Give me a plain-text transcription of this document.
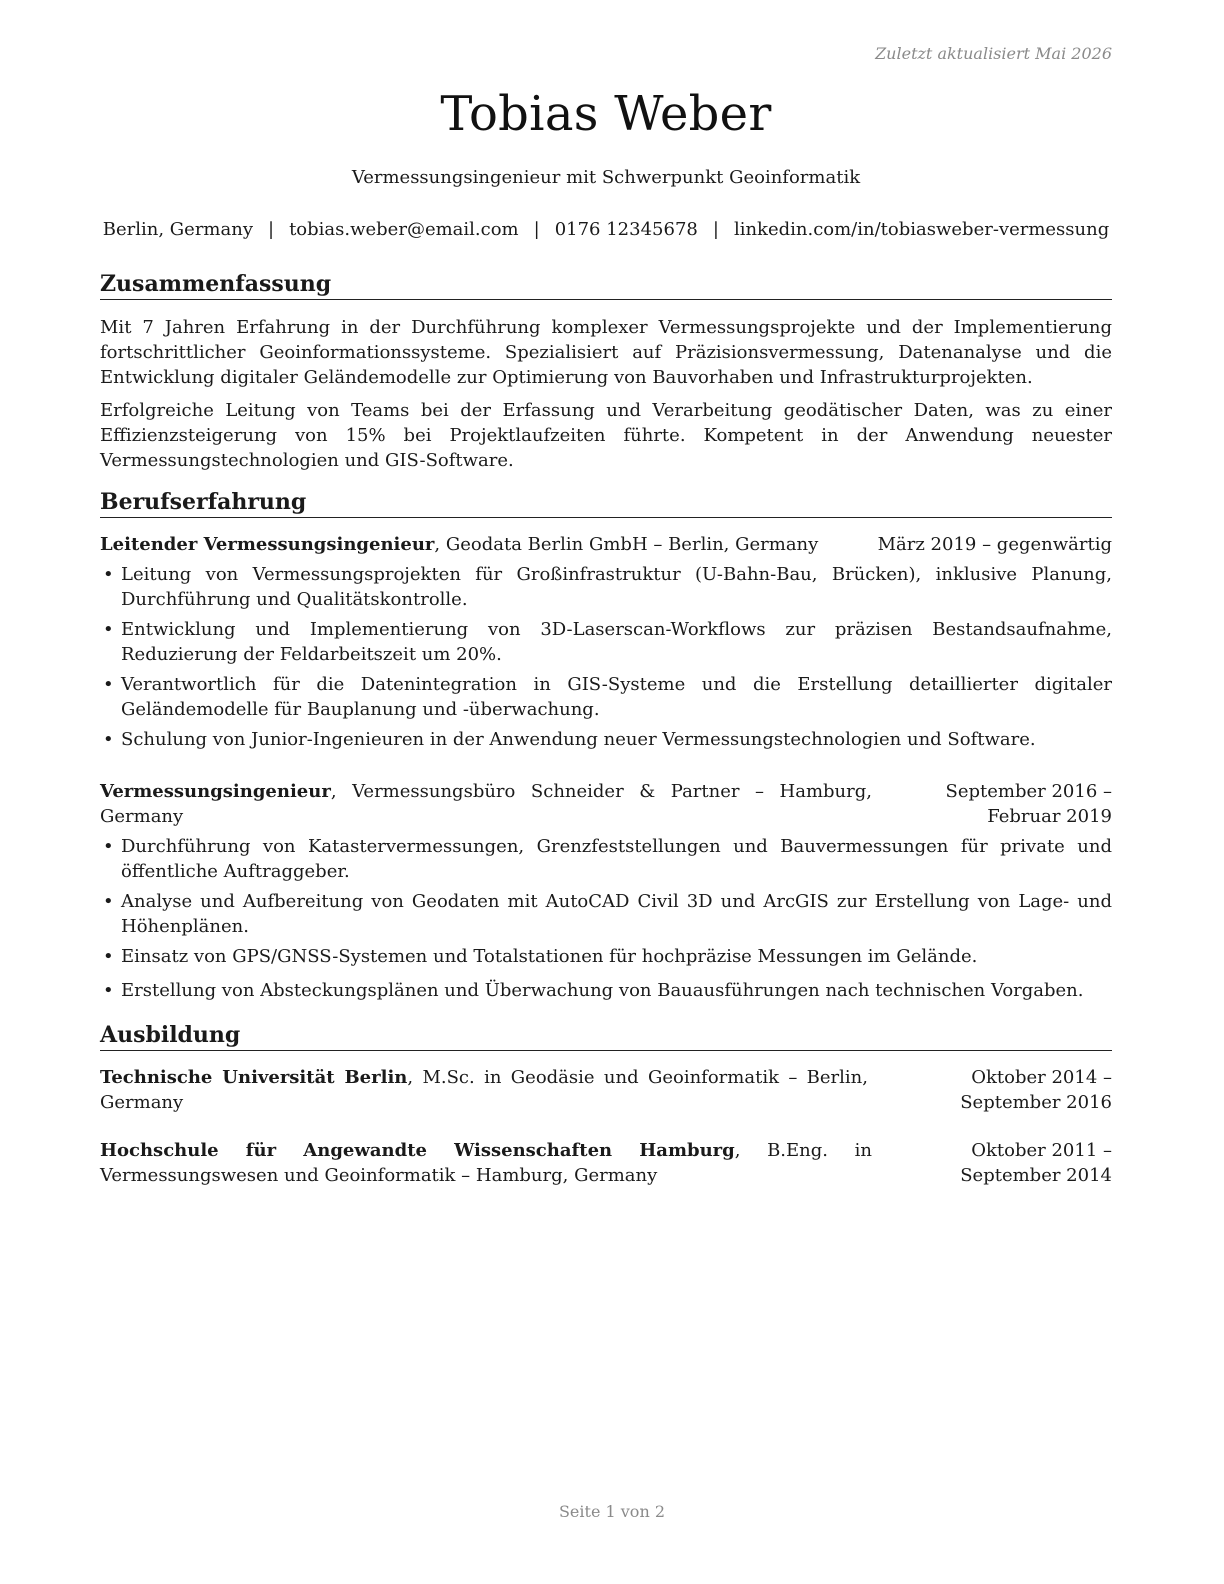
Zuletzt aktualisiert Mai 2026
Tobias Weber
Vermessungsingenieur mit Schwerpunkt Geoinformatik
Berlin, Germany | tobias.weber@email.com | 0176 12345678 | linkedin.com/in/tobiasweber-vermessung
Zusammenfassung

Mit 7 Jahren Erfahrung in der Durchführung komplexer Vermessungsprojekte und der Implementierung fortschrittlicher Geoinformationssysteme. Spezialisiert auf Präzisionsvermessung, Datenanalyse und die Entwicklung digitaler Geländemodelle zur Optimierung von Bauvorhaben und Infrastrukturprojekten.

Erfolgreiche Leitung von Teams bei der Erfassung und Verarbeitung geodätischer Daten, was zu einer Effizienzsteigerung von 15% bei Projektlaufzeiten führte. Kompetent in der Anwendung neuester Vermessungstechnologien und GIS-Software.

Berufserfahrung
Leitender Vermessungsingenieur, Geodata Berlin GmbH – Berlin, Germany	März 2019 – gegenwärtig
• Leitung von Vermessungsprojekten für Großinfrastruktur (U-Bahn-Bau, Brücken), inklusive Planung, Durchführung und Qualitätskontrolle.
• Entwicklung und Implementierung von 3D-Laserscan-Workflows zur präzisen Bestandsaufnahme, Reduzierung der Feldarbeitszeit um 20%.
• Verantwortlich für die Datenintegration in GIS-Systeme und die Erstellung detaillierter digitaler Geländemodelle für Bauplanung und -überwachung.
• Schulung von Junior-Ingenieuren in der Anwendung neuer Vermessungstechnologien und Software.
Vermessungsingenieur, Vermessungsbüro Schneider & Partner – Hamburg, Germany
September 2016 – Februar 2019
• Durchführung von Katastervermessungen, Grenzfeststellungen und Bauvermessungen für private und öffentliche Auftraggeber.
• Analyse und Aufbereitung von Geodaten mit AutoCAD Civil 3D und ArcGIS zur Erstellung von Lage- und Höhenplänen.
• Einsatz von GPS/GNSS-Systemen und Totalstationen für hochpräzise Messungen im Gelände.
• Erstellung von Absteckungsplänen und Überwachung von Bauausführungen nach technischen Vorgaben.
Ausbildung
Technische Universität Berlin, M.Sc. in Geodäsie und Geoinformatik – Berlin, Germany
Oktober 2014 – September 2016
Hochschule für Angewandte Wissenschaften Hamburg, B.Eng. in Vermessungswesen und Geoinformatik – Hamburg, Germany
Oktober 2011 – September 2014
Seite 1 von 2
